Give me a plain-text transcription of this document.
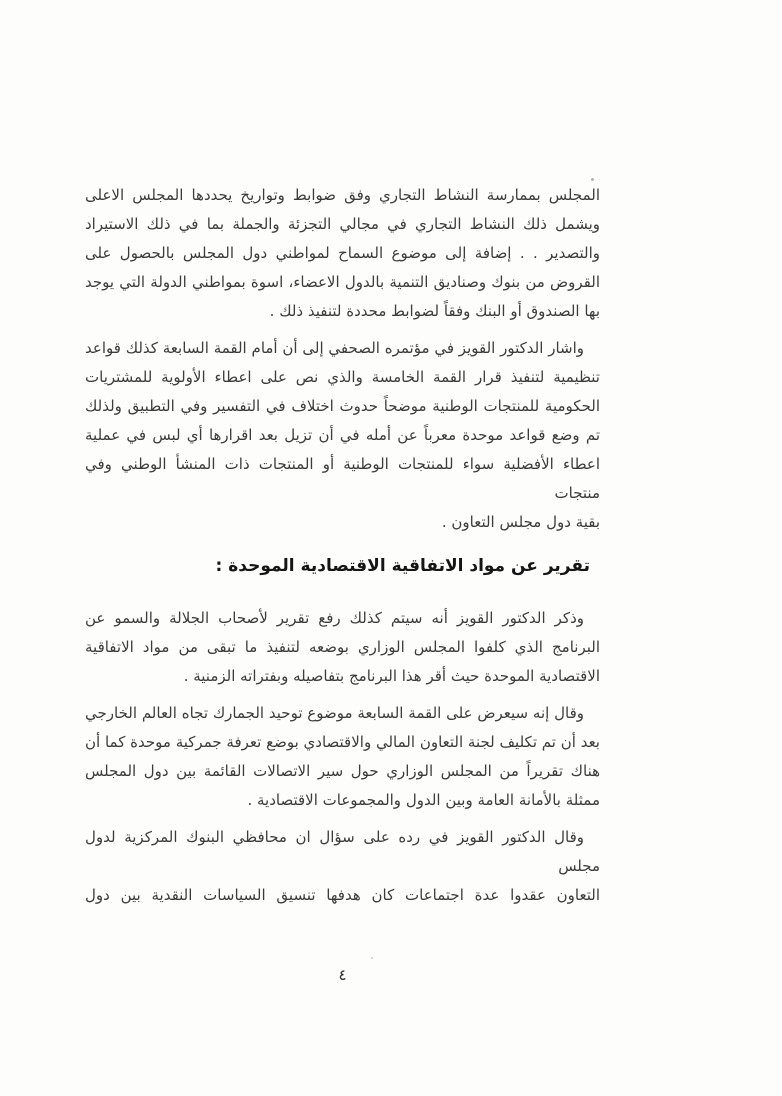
المجلس بممارسة النشاط التجاري وفق ضوابط وتواريخ يحددها المجلس الاعلى
ويشمل ذلك النشاط التجاري في مجالي التجزئة والجملة بما في ذلك الاستيراد
والتصدير . . إضافة إلى موضوع السماح لمواطني دول المجلس بالحصول على
القروض من بنوك وصناديق التنمية بالدول الاعضاء، اسوة بمواطني الدولة التي يوجد
بها الصندوق أو البنك وفقاً لضوابط محددة لتنفيذ ذلك .
واشار الدكتور القويز في مؤتمره الصحفي إلى أن أمام القمة السابعة كذلك قواعد
تنظيمية لتنفيذ قرار القمة الخامسة والذي نص على اعطاء الأولوية للمشتريات
الحكومية للمنتجات الوطنية موضحاً حدوث اختلاف في التفسير وفي التطبيق ولذلك
تم وضع قواعد موحدة معرباً عن أمله في أن تزيل بعد اقرارها أي لبس في عملية
اعطاء الأفضلية سواء للمنتجات الوطنية أو المنتجات ذات المنشأ الوطني وفي منتجات
بقية دول مجلس التعاون .
تقرير عن مواد الاتفاقية الاقتصادية الموحدة :
وذكر الدكتور القويز أنه سيتم كذلك رفع تقرير لأصحاب الجلالة والسمو عن
البرنامج الذي كلفوا المجلس الوزاري بوضعه لتنفيذ ما تبقى من مواد الاتفاقية
الاقتصادية الموحدة حيث أقر هذا البرنامج بتفاصيله وبفتراته الزمنية .
وقال إنه سيعرض على القمة السابعة موضوع توحيد الجمارك تجاه العالم الخارجي
بعد أن تم تكليف لجنة التعاون المالي والاقتصادي بوضع تعرفة جمركية موحدة كما أن
هناك تقريراً من المجلس الوزاري حول سير الاتصالات القائمة بين دول المجلس
ممثلة بالأمانة العامة وبين الدول والمجموعات الاقتصادية .
وقال الدكتور القويز في رده على سؤال ان محافظي البنوك المركزية لدول مجلس
التعاون عقدوا عدة اجتماعات كان هدفها تنسيق السياسات النقدية بين دول
٤
